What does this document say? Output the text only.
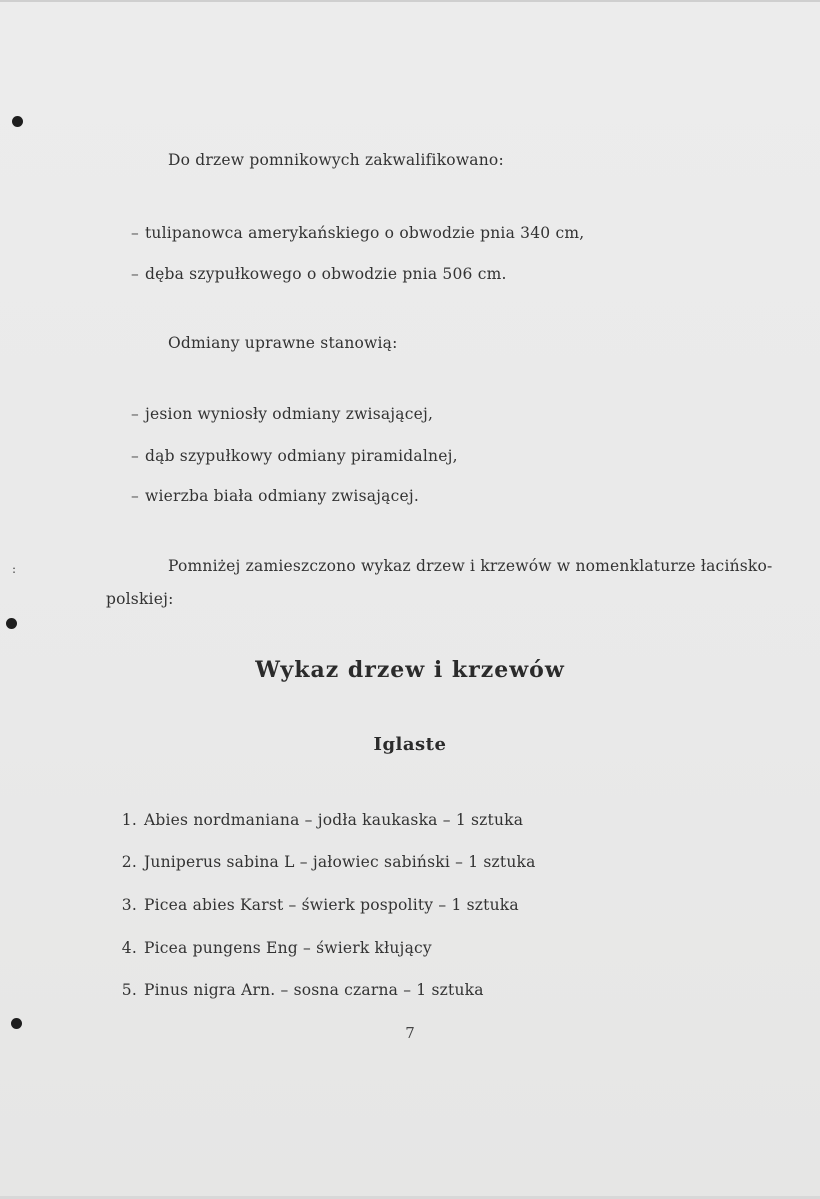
:
Do drzew pomnikowych zakwalifikowano:
– tulipanowca amerykańskiego o obwodzie pnia 340 cm,
– dęba szypułkowego o obwodzie pnia 506 cm.
Odmiany uprawne stanowią:
– jesion wyniosły odmiany zwisającej,
– dąb szypułkowy odmiany piramidalnej,
– wierzba biała odmiany zwisającej.
Pomniżej zamieszczono wykaz drzew i krzewów w nomenklaturze łacińsko-
polskiej:
Wykaz drzew i krzewów
Iglaste
1. Abies nordmaniana – jodła kaukaska – 1 sztuka
2. Juniperus sabina L – jałowiec sabiński – 1 sztuka
3. Picea abies Karst – świerk pospolity – 1 sztuka
4. Picea pungens Eng – świerk kłujący
5. Pinus nigra Arn. – sosna czarna – 1 sztuka
7
